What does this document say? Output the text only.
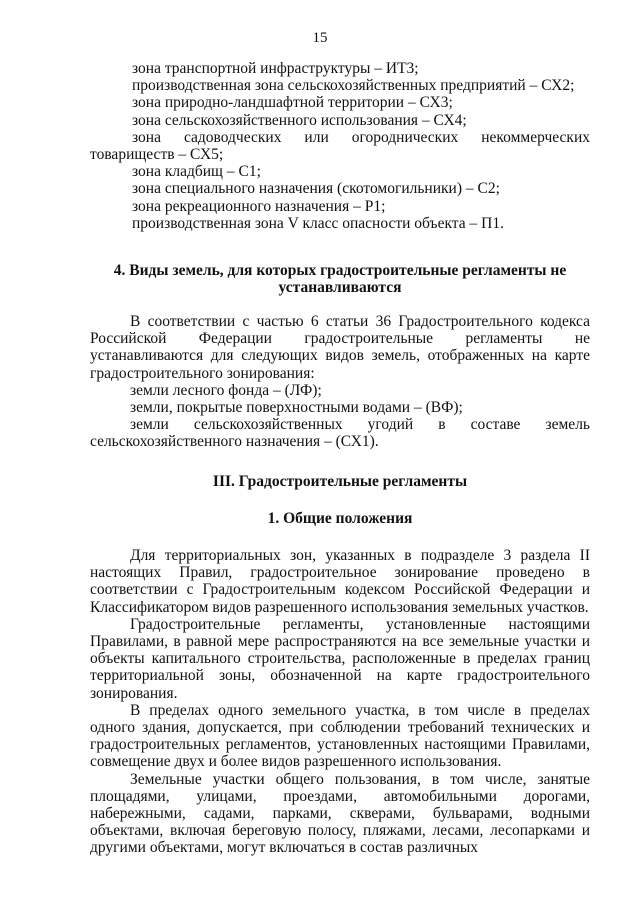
15

зона транспортной инфраструктуры – ИТ3;

производственная зона сельскохозяйственных предприятий – СХ2;

зона природно-ландшафтной территории – СХ3;

зона сельскохозяйственного использования – СХ4;

зона садоводческих или огороднических некоммерческих товариществ – СХ5;

зона кладбищ – С1;

зона специального назначения (скотомогильники) – С2;

зона рекреационного назначения – Р1;

производственная зона V класс опасности объекта – П1.

4. Виды земель, для которых градостроительные регламенты не устанавливаются

В соответствии с частью 6 статьи 36 Градостроительного кодекса Российской Федерации градостроительные регламенты не устанавливаются для следующих видов земель, отображенных на карте градостроительного зонирования:

земли лесного фонда – (ЛФ);

земли, покрытые поверхностными водами – (ВФ);

земли сельскохозяйственных угодий в составе земель сельскохозяйственного назначения – (СХ1).

III. Градостроительные регламенты

1. Общие положения

Для территориальных зон, указанных в подразделе 3 раздела II настоящих Правил, градостроительное зонирование проведено в соответствии с Градостроительным кодексом Российской Федерации и Классификатором видов разрешенного использования земельных участков.

Градостроительные регламенты, установленные настоящими Правилами, в равной мере распространяются на все земельные участки и объекты капитального строительства, расположенные в пределах границ территориальной зоны, обозначенной на карте градостроительного зонирования.

В пределах одного земельного участка, в том числе в пределах одного здания, допускается, при соблюдении требований технических и градостроительных регламентов, установленных настоящими Правилами, совмещение двух и более видов разрешенного использования.

Земельные участки общего пользования, в том числе, занятые площадями, улицами, проездами, автомобильными дорогами, набережными, садами, парками, скверами, бульварами, водными объектами, включая береговую полосу, пляжами, лесами, лесопарками и другими объектами, могут включаться в состав различных
